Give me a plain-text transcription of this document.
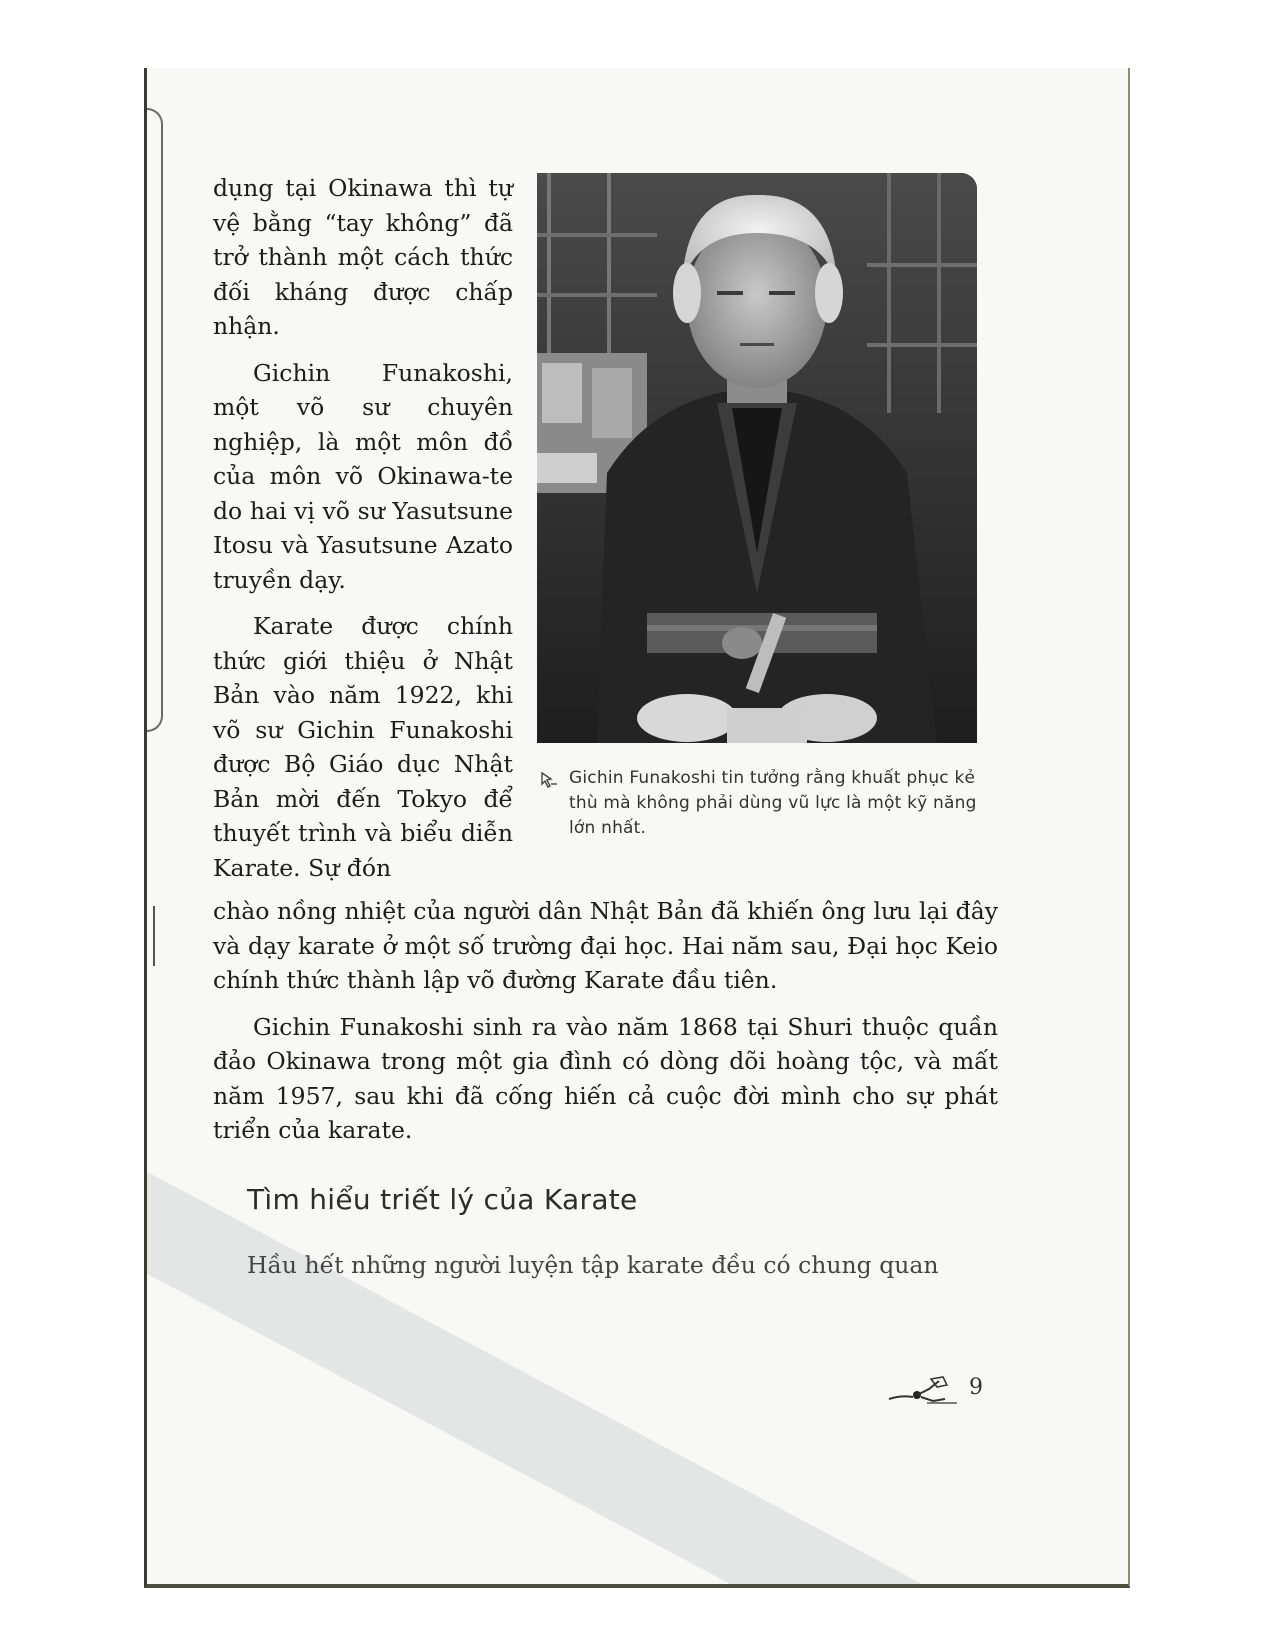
dụng tại Okinawa thì tự vệ bằng “tay không” đã trở thành một cách thức đối kháng được chấp nhận.

Gichin Funakoshi, một võ sư chuyên nghiệp, là một môn đồ của môn võ Okinawa-te do hai vị võ sư Yasutsune Itosu và Yasutsune Azato truyền dạy.

Karate được chính thức giới thiệu ở Nhật Bản vào năm 1922, khi võ sư Gichin Funakoshi được Bộ Giáo dục Nhật Bản mời đến Tokyo để thuyết trình và biểu diễn Karate. Sự đón

chào nồng nhiệt của người dân Nhật Bản đã khiến ông lưu lại đây và dạy karate ở một số trường đại học. Hai năm sau, Đại học Keio chính thức thành lập võ đường Karate đầu tiên.

Gichin Funakoshi sinh ra vào năm 1868 tại Shuri thuộc quần đảo Okinawa trong một gia đình có dòng dõi hoàng tộc, và mất năm 1957, sau khi đã cống hiến cả cuộc đời mình cho sự phát triển của karate.

Gichin Funakoshi tin tưởng rằng khuất phục kẻ thù mà không phải dùng vũ lực là một kỹ năng lớn nhất.
Tìm hiểu triết lý của Karate

Hầu hết những người luyện tập karate đều có chung quan

9
